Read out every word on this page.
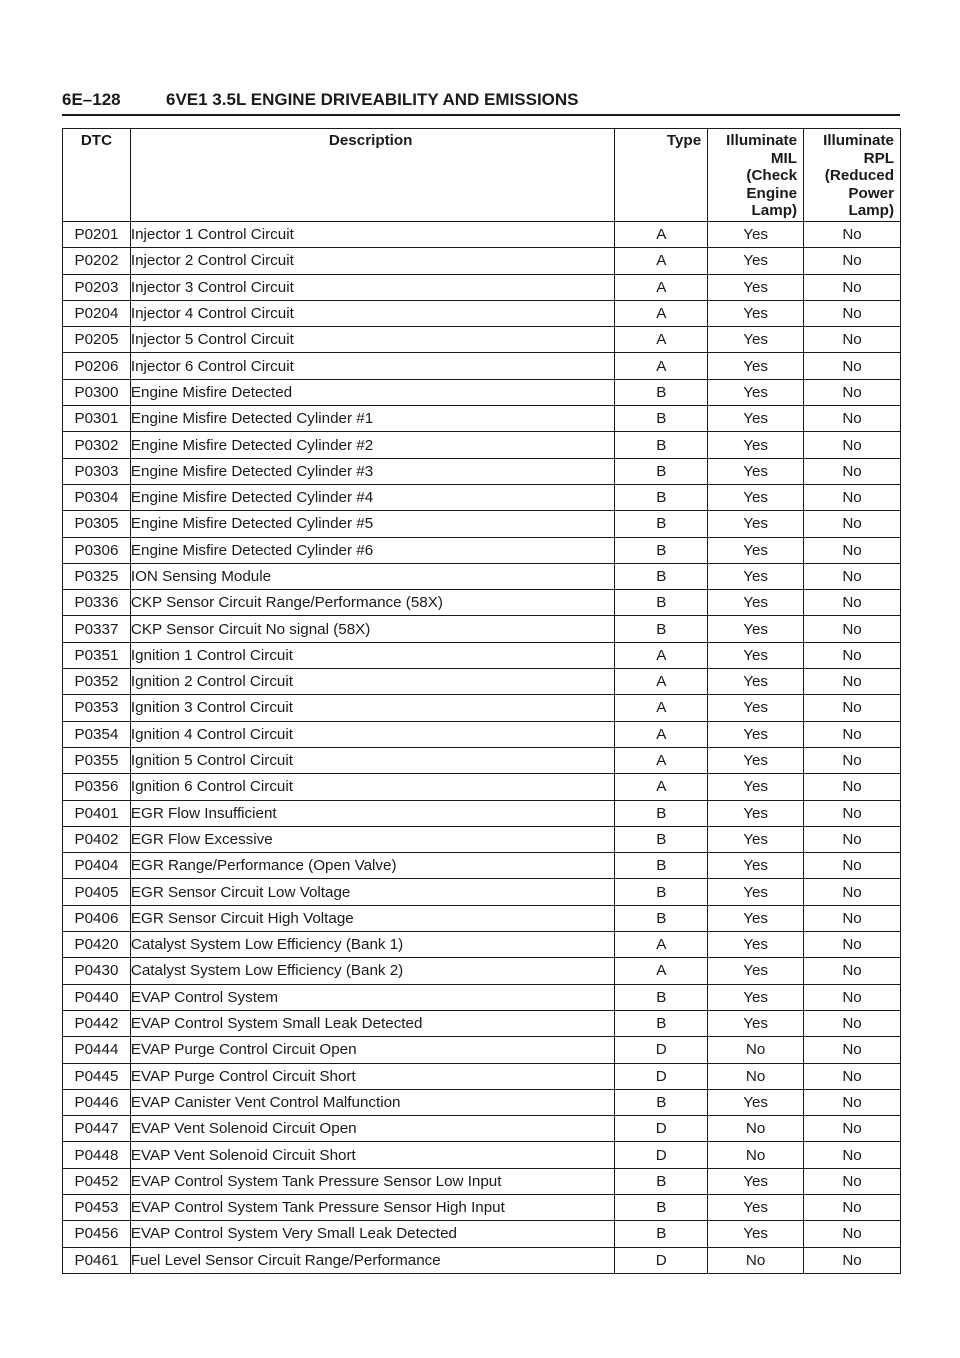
6E–128	6VE1 3.5L ENGINE DRIVEABILITY AND EMISSIONS
DTC	Description	Type	Illuminate
MIL
(Check
Engine
Lamp)	Illuminate
RPL
(Reduced
Power
Lamp)

P0201	Injector 1 Control Circuit	A	Yes	No
P0202	Injector 2 Control Circuit	A	Yes	No
P0203	Injector 3 Control Circuit	A	Yes	No
P0204	Injector 4 Control Circuit	A	Yes	No
P0205	Injector 5 Control Circuit	A	Yes	No
P0206	Injector 6 Control Circuit	A	Yes	No
P0300	Engine Misfire Detected	B	Yes	No
P0301	Engine Misfire Detected Cylinder #1	B	Yes	No
P0302	Engine Misfire Detected Cylinder #2	B	Yes	No
P0303	Engine Misfire Detected Cylinder #3	B	Yes	No
P0304	Engine Misfire Detected Cylinder #4	B	Yes	No
P0305	Engine Misfire Detected Cylinder #5	B	Yes	No
P0306	Engine Misfire Detected Cylinder #6	B	Yes	No
P0325	ION Sensing Module	B	Yes	No
P0336	CKP Sensor Circuit Range/Performance (58X)	B	Yes	No
P0337	CKP Sensor Circuit No signal (58X)	B	Yes	No
P0351	Ignition 1 Control Circuit	A	Yes	No
P0352	Ignition 2 Control Circuit	A	Yes	No
P0353	Ignition 3 Control Circuit	A	Yes	No
P0354	Ignition 4 Control Circuit	A	Yes	No
P0355	Ignition 5 Control Circuit	A	Yes	No
P0356	Ignition 6 Control Circuit	A	Yes	No
P0401	EGR Flow Insufficient	B	Yes	No
P0402	EGR Flow Excessive	B	Yes	No
P0404	EGR Range/Performance (Open Valve)	B	Yes	No
P0405	EGR Sensor Circuit Low Voltage	B	Yes	No
P0406	EGR Sensor Circuit High Voltage	B	Yes	No
P0420	Catalyst System Low Efficiency (Bank 1)	A	Yes	No
P0430	Catalyst System Low Efficiency (Bank 2)	A	Yes	No
P0440	EVAP Control System	B	Yes	No
P0442	EVAP Control System Small Leak Detected	B	Yes	No
P0444	EVAP Purge Control Circuit Open	D	No	No
P0445	EVAP Purge Control Circuit Short	D	No	No
P0446	EVAP Canister Vent Control Malfunction	B	Yes	No
P0447	EVAP Vent Solenoid Circuit Open	D	No	No
P0448	EVAP Vent Solenoid Circuit Short	D	No	No
P0452	EVAP Control System Tank Pressure Sensor Low Input	B	Yes	No
P0453	EVAP Control System Tank Pressure Sensor High Input	B	Yes	No
P0456	EVAP Control System Very Small Leak Detected	B	Yes	No
P0461	Fuel Level Sensor Circuit Range/Performance	D	No	No
